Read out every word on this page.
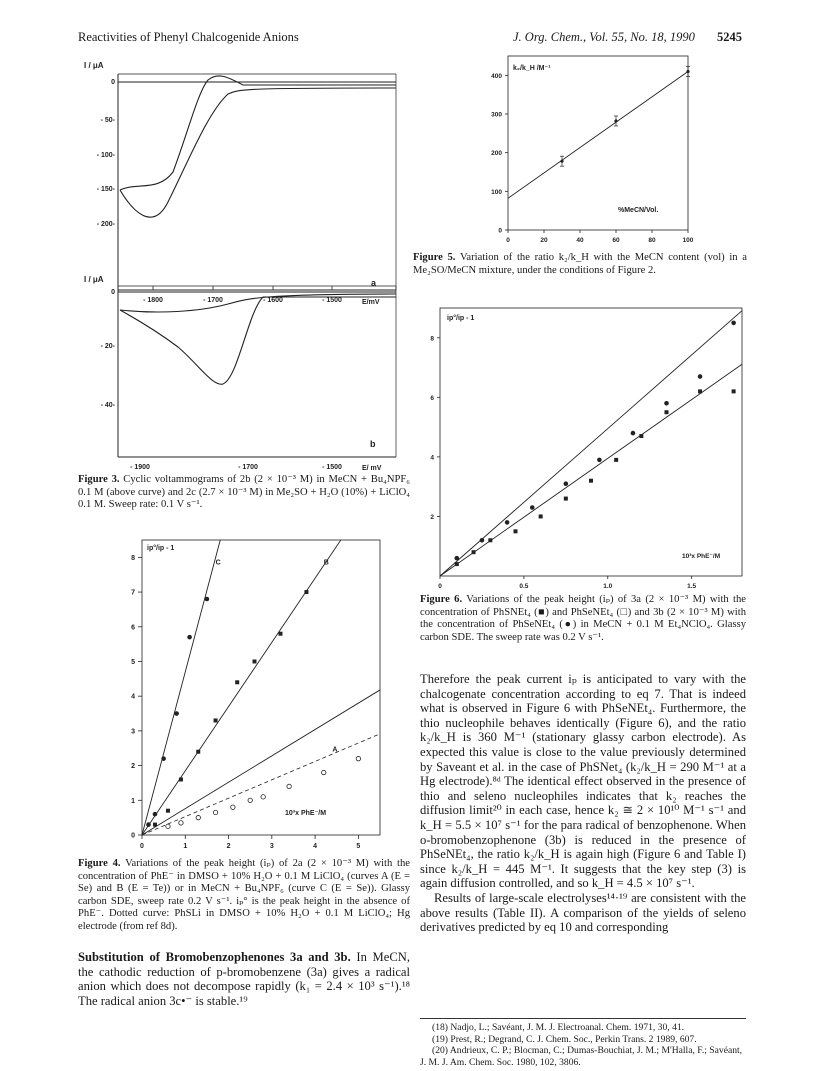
Reactivities of Phenyl Chalcogenide Anions	J. Org. Chem., Vol. 55, No. 18, 1990 5245
I / μA
0
- 50-
- 100-
- 150-
- 200-
- 1800	- 1700	- 1600	- 1500	E/mV
a
I / μA
0
- 20-
- 40-
- 1900	- 1700	- 1500	E/ mV
b
Figure 3. Cyclic voltammograms of 2b (2 × 10⁻³ M) in MeCN + Bu₄NPF₆ 0.1 M (above curve) and 2c (2.7 × 10⁻³ M) in Me₂SO + H₂O (10%) + LiClO₄ 0.1 M. Sweep rate: 0.1 V s⁻¹.
ip°/ip - 1
10³x PhE⁻/M
0	1	2	3	4	5
0
1
2
3
4
5
6
7
8
C	B
A
Figure 4. Variations of the peak height (iₚ) of 2a (2 × 10⁻³ M) with the concentration of PhE⁻ in DMSO + 10% H₂O + 0.1 M LiClO₄ (curves A (E = Se) and B (E = Te)) or in MeCN + Bu₄NPF₆ (curve C (E = Se)). Glassy carbon SDE, sweep rate 0.2 V s⁻¹. iₚ° is the peak height in the absence of PhE⁻. Dotted curve: PhSLi in DMSO + 10% H₂O + 0.1 M LiClO₄; Hg electrode (from ref 8d).
Substitution of Bromobenzophenones 3a and 3b. In MeCN, the cathodic reduction of p-bromobenzene (3a) gives a radical anion which does not decompose rapidly (k₁ = 2.4 × 10³ s⁻¹).¹⁸ The radical anion 3c•⁻ is stable.¹⁹
k₂/k_H /M⁻¹
%MeCN/Vol.
0	20	40	60	80	100
0
100
200
300
400
Figure 5. Variation of the ratio k₂/k_H with the MeCN content (vol) in a Me₂SO/MeCN mixture, under the conditions of Figure 2.
ip°/ip - 1
10³x PhE⁻/M
0	0.5	1.0	1.5
2
4
6
8
Figure 6. Variations of the peak height (iₚ) of 3a (2 × 10⁻³ M) with the concentration of PhSNEt₄ (■) and PhSeNEt₄ (□) and 3b (2 × 10⁻³ M) with the concentration of PhSeNEt₄ (●) in MeCN + 0.1 M Et₄NClO₄. Glassy carbon SDE. The sweep rate was 0.2 V s⁻¹.

Therefore the peak current iₚ is anticipated to vary with the chalcogenate concentration according to eq 7. That is indeed what is observed in Figure 6 with PhSeNEt₄. Furthermore, the thio nucleophile behaves identically (Figure 6), and the ratio k₂/k_H is 360 M⁻¹ (stationary glassy carbon electrode). As expected this value is close to the value previously determined by Saveant et al. in the case of PhSNet₄ (k₂/k_H = 290 M⁻¹ at a Hg electrode).⁸ᵈ The identical effect observed in the presence of thio and seleno nucleophiles indicates that k₂ reaches the diffusion limit²⁰ in each case, hence k₂ ≅ 2 × 10¹⁰ M⁻¹ s⁻¹ and k_H = 5.5 × 10⁷ s⁻¹ for the para radical of benzophenone. When o-bromobenzophenone (3b) is reduced in the presence of PhSeNEt₄, the ratio k₂/k_H is again high (Figure 6 and Table I) since k₂/k_H = 445 M⁻¹. It suggests that the key step (3) is again diffusion controlled, and so k_H = 4.5 × 10⁷ s⁻¹.

Results of large-scale electrolyses¹⁴·¹⁹ are consistent with the above results (Table II). A comparison of the yields of seleno derivatives predicted by eq 10 and corresponding

(18) Nadjo, L.; Savéant, J. M. J. Electroanal. Chem. 1971, 30, 41.

(19) Prest, R.; Degrand, C. J. Chem. Soc., Perkin Trans. 2 1989, 607.

(20) Andrieux, C. P.; Blocman, C.; Dumas-Bouchiat, J. M.; M'Halla, F.; Savéant, J. M. J. Am. Chem. Soc. 1980, 102, 3806.
